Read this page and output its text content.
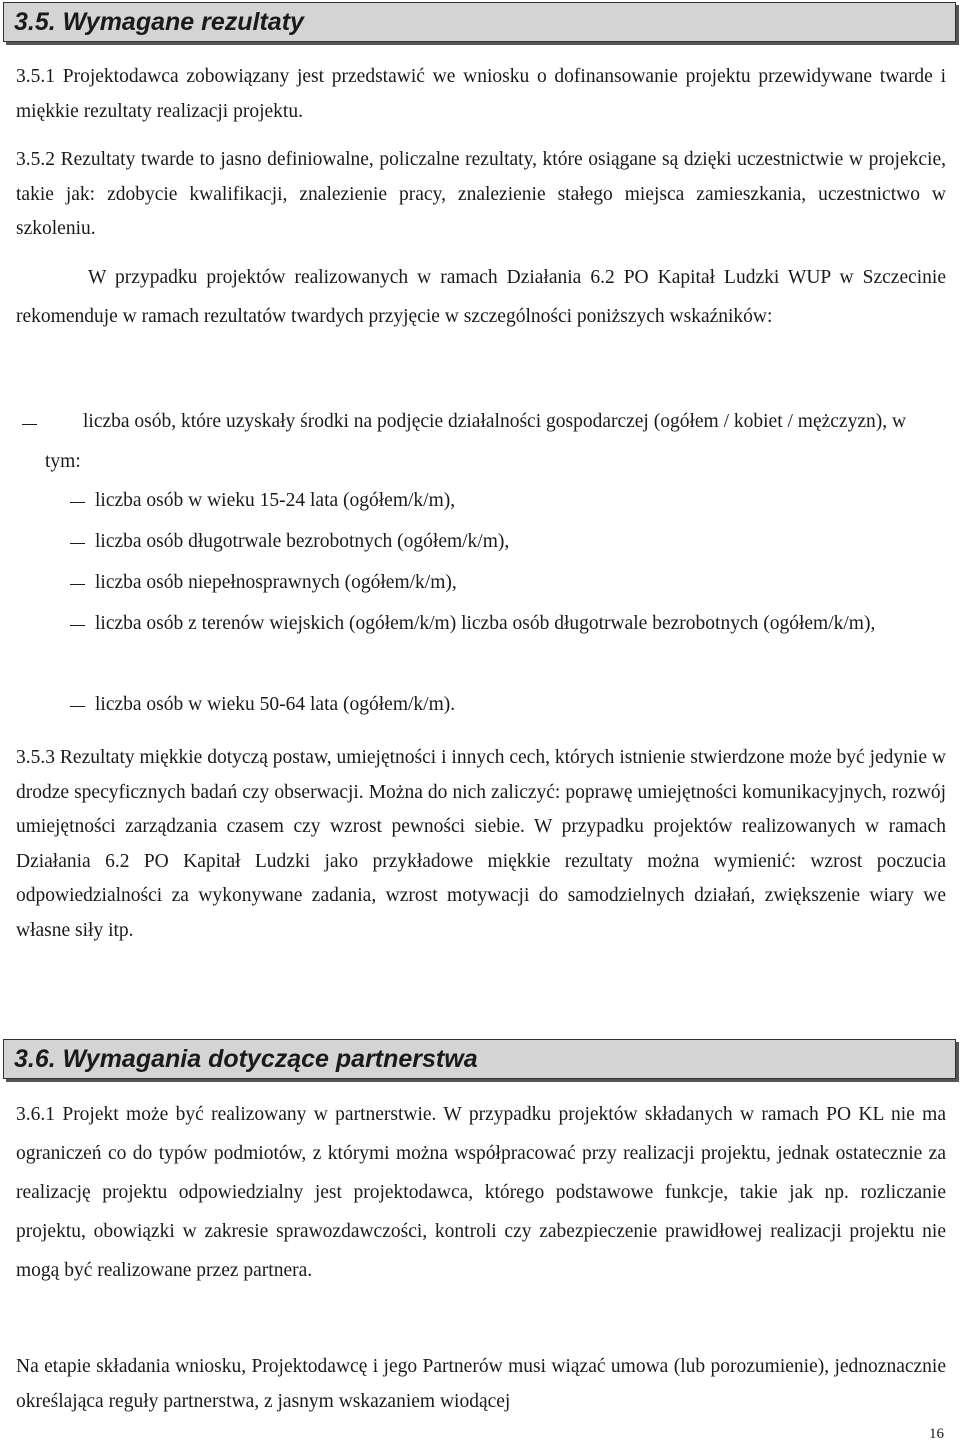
3.5. Wymagane rezultaty

3.5.1 Projektodawca zobowiązany jest przedstawić we wniosku o dofinansowanie projektu przewidywane twarde i miękkie rezultaty realizacji projektu.

3.5.2 Rezultaty twarde to jasno definiowalne, policzalne rezultaty, które osiągane są dzięki uczestnictwie w projekcie, takie jak: zdobycie kwalifikacji, znalezienie pracy, znalezienie stałego miejsca zamieszkania, uczestnictwo w szkoleniu.

W przypadku projektów realizowanych w ramach Działania 6.2 PO Kapitał Ludzki WUP w Szczecinie rekomenduje w ramach rezultatów twardych przyjęcie w szczególności poniższych wskaźników:

liczba osób, które uzyskały środki na podjęcie działalności gospodarczej (ogółem / kobiet / mężczyzn), w tym:

liczba osób w wieku 15-24 lata (ogółem/k/m),

liczba osób długotrwale bezrobotnych (ogółem/k/m),

liczba osób niepełnosprawnych (ogółem/k/m),

liczba osób z terenów wiejskich (ogółem/k/m) liczba osób długotrwale bezrobotnych (ogółem/k/m),

liczba osób w wieku 50-64 lata (ogółem/k/m).

3.5.3 Rezultaty miękkie dotyczą postaw, umiejętności i innych cech, których istnienie stwierdzone może być jedynie w drodze specyficznych badań czy obserwacji. Można do nich zaliczyć: poprawę umiejętności komunikacyjnych, rozwój umiejętności zarządzania czasem czy wzrost pewności siebie. W przypadku projektów realizowanych w ramach Działania 6.2 PO Kapitał Ludzki jako przykładowe miękkie rezultaty można wymienić: wzrost poczucia odpowiedzialności za wykonywane zadania, wzrost motywacji do samodzielnych działań, zwiększenie wiary we własne siły itp.

3.6. Wymagania dotyczące partnerstwa

3.6.1 Projekt może być realizowany w partnerstwie. W przypadku projektów składanych w ramach PO KL nie ma ograniczeń co do typów podmiotów, z którymi można współpracować przy realizacji projektu, jednak ostatecznie za realizację projektu odpowiedzialny jest projektodawca, którego podstawowe funkcje, takie jak np. rozliczanie projektu, obowiązki w zakresie sprawozdawczości, kontroli czy zabezpieczenie prawidłowej realizacji projektu nie mogą być realizowane przez partnera.

Na etapie składania wniosku, Projektodawcę i jego Partnerów musi wiązać umowa (lub porozumienie), jednoznacznie określająca reguły partnerstwa, z jasnym wskazaniem wiodącej

16
